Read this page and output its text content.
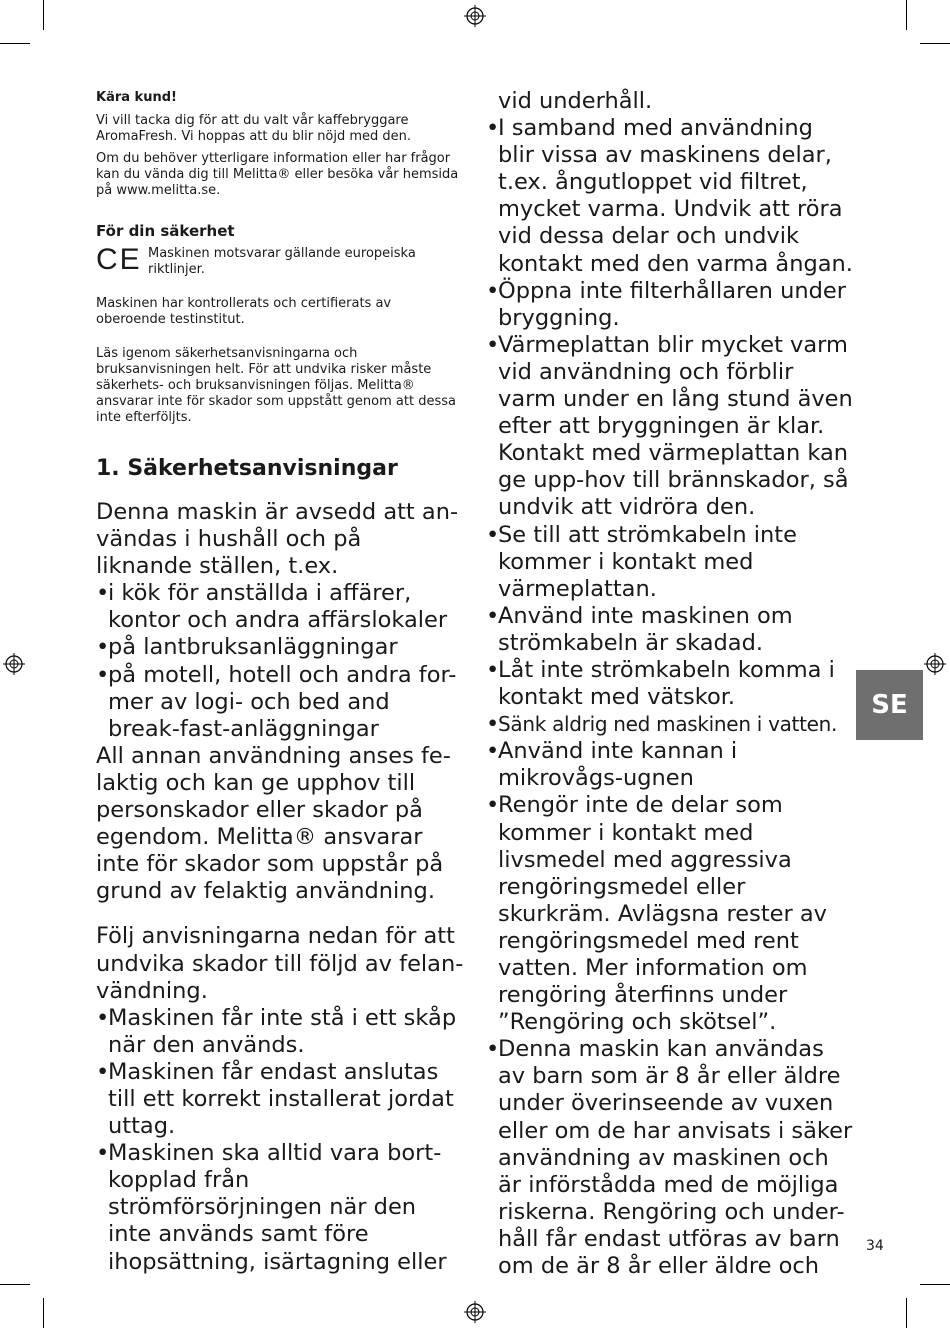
Kära kund!

Vi vill tacka dig för att du valt vår kaffebryggare AromaFresh. Vi hoppas att du blir nöjd med den.

Om du behöver ytterligare information eller har frågor kan du vända dig till Melitta® eller besöka vår hemsida på www.melitta.se.

För din säkerhet

CE Maskinen motsvarar gällande europeiska riktlinjer.

Maskinen har kontrollerats och certifierats av oberoende testinstitut.

Läs igenom säkerhetsanvisningarna och bruksanvisningen helt. För att undvika risker måste säkerhets- och bruksanvisningen följas. Melitta® ansvarar inte för skador som uppstått genom att dessa inte efterföljts.

1. Säkerhetsanvisningar

Denna maskin är avsedd att an-vändas i hushåll och på liknande ställen, t.ex.

•
i kök för anställda i affärer, kontor och andra affärslokaler
•
på lantbruksanläggningar
•
på motell, hotell och andra for-mer av logi- och bed and break-fast-anläggningar

All annan användning anses fe-laktig och kan ge upphov till personskador eller skador på egendom. Melitta® ansvarar inte för skador som uppstår på grund av felaktig användning.

Följ anvisningarna nedan för att undvika skador till följd av felan-vändning.

•
Maskinen får inte stå i ett skåp när den används.
•
Maskinen får endast anslutas till ett korrekt installerat jordat uttag.
•
Maskinen ska alltid vara bort-kopplad från strömförsörjningen när den inte används samt före ihopsättning, isärtagning eller

vid underhåll.

•
I samband med användning blir vissa av maskinens delar, t.ex. ångutloppet vid filtret, mycket varma. Undvik att röra vid dessa delar och undvik kontakt med den varma ångan.
•
Öppna inte filterhållaren under bryggning.
•
Värmeplattan blir mycket varm vid användning och förblir varm under en lång stund även efter att bryggningen är klar. Kontakt med värmeplattan kan ge upp-hov till brännskador, så undvik att vidröra den.
•
Se till att strömkabeln inte kommer i kontakt med värmeplattan.
•
Använd inte maskinen om strömkabeln är skadad.
•
Låt inte strömkabeln komma i kontakt med vätskor.
•
Sänk aldrig ned maskinen i vatten.
•
Använd inte kannan i mikrovågs-ugnen
•
Rengör inte de delar som kommer i kontakt med livsmedel med aggressiva rengöringsmedel eller skurkräm. Avlägsna rester av rengöringsmedel med rent vatten. Mer information om rengöring återfinns under ”Rengöring och skötsel”.
•
Denna maskin kan användas av barn som är 8 år eller äldre under överinseende av vuxen eller om de har anvisats i säker användning av maskinen och är införstådda med de möjliga riskerna. Rengöring och under-håll får endast utföras av barn om de är 8 år eller äldre och
SE
34
